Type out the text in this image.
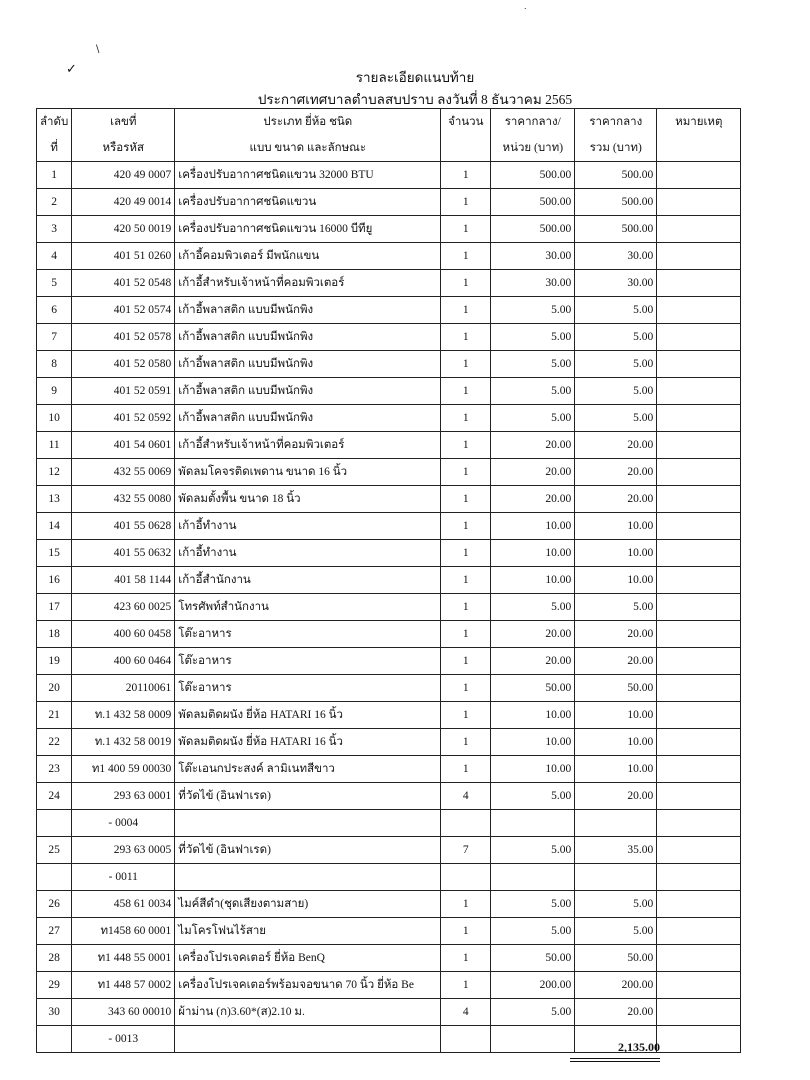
˙
\
✓
รายละเอียดแนบท้าย
ประกาศเทศบาลตำบลสบปราบ ลงวันที่ 8 ธันวาคม 2565
ลำดับ	เลขที่	ประเภท ยี่ห้อ ชนิด	จำนวน	ราคากลาง/	ราคากลาง	หมายเหตุ
ที่	หรือรหัส	แบบ ขนาด และลักษณะ		หน่วย (บาท)	รวม (บาท)	
1	420 49 0007	เครื่องปรับอากาศชนิดแขวน 32000 BTU	1	500.00	500.00	
2	420 49 0014	เครื่องปรับอากาศชนิดแขวน	1	500.00	500.00	
3	420 50 0019	เครื่องปรับอากาศชนิดแขวน 16000 บีทียู	1	500.00	500.00	
4	401 51 0260	เก้าอี้คอมพิวเตอร์ มีพนักแขน	1	30.00	30.00	
5	401 52 0548	เก้าอี้สำหรับเจ้าหน้าที่คอมพิวเตอร์	1	30.00	30.00	
6	401 52 0574	เก้าอี้พลาสติก แบบมีพนักพิง	1	5.00	5.00	
7	401 52 0578	เก้าอี้พลาสติก แบบมีพนักพิง	1	5.00	5.00	
8	401 52 0580	เก้าอี้พลาสติก แบบมีพนักพิง	1	5.00	5.00	
9	401 52 0591	เก้าอี้พลาสติก แบบมีพนักพิง	1	5.00	5.00	
10	401 52 0592	เก้าอี้พลาสติก แบบมีพนักพิง	1	5.00	5.00	
11	401 54 0601	เก้าอี้สำหรับเจ้าหน้าที่คอมพิวเตอร์	1	20.00	20.00	
12	432 55 0069	พัดลมโคจรติดเพดาน ขนาด 16 นิ้ว	1	20.00	20.00	
13	432 55 0080	พัดลมตั้งพื้น ขนาด 18 นิ้ว	1	20.00	20.00	
14	401 55 0628	เก้าอี้ทำงาน	1	10.00	10.00	
15	401 55 0632	เก้าอี้ทำงาน	1	10.00	10.00	
16	401 58 1144	เก้าอี้สำนักงาน	1	10.00	10.00	
17	423 60 0025	โทรศัพท์สำนักงาน	1	5.00	5.00	
18	400 60 0458	โต๊ะอาหาร	1	20.00	20.00	
19	400 60 0464	โต๊ะอาหาร	1	20.00	20.00	
20	20110061	โต๊ะอาหาร	1	50.00	50.00	
21	ท.1 432 58 0009	พัดลมติดผนัง ยี่ห้อ HATARI 16 นิ้ว	1	10.00	10.00	
22	ท.1 432 58 0019	พัดลมติดผนัง ยี่ห้อ HATARI 16 นิ้ว	1	10.00	10.00	
23	ท1 400 59 00030	โต๊ะเอนกประสงค์ ลามิเนทสีขาว	1	10.00	10.00	
24	293 63 0001	ที่วัดไข้ (อินฟาเรด)	4	5.00	20.00	
	- 0004					
25	293 63 0005	ที่วัดไข้ (อินฟาเรด)	7	5.00	35.00	
	- 0011					
26	458 61 0034	ไมค์สีดำ(ชุดเสียงตามสาย)	1	5.00	5.00	
27	ท1458 60 0001	ไมโครโฟนไร้สาย	1	5.00	5.00	
28	ท1 448 55 0001	เครื่องโปรเจคเตอร์ ยี่ห้อ BenQ	1	50.00	50.00	
29	ท1 448 57 0002	เครื่องโปรเจคเตอร์พร้อมจอขนาด 70 นิ้ว ยี่ห้อ Be	1	200.00	200.00	
30	343 60 00010	ผ้าม่าน (ก)3.60*(ส)2.10 ม.	4	5.00	20.00	
	- 0013					
2,135.00
